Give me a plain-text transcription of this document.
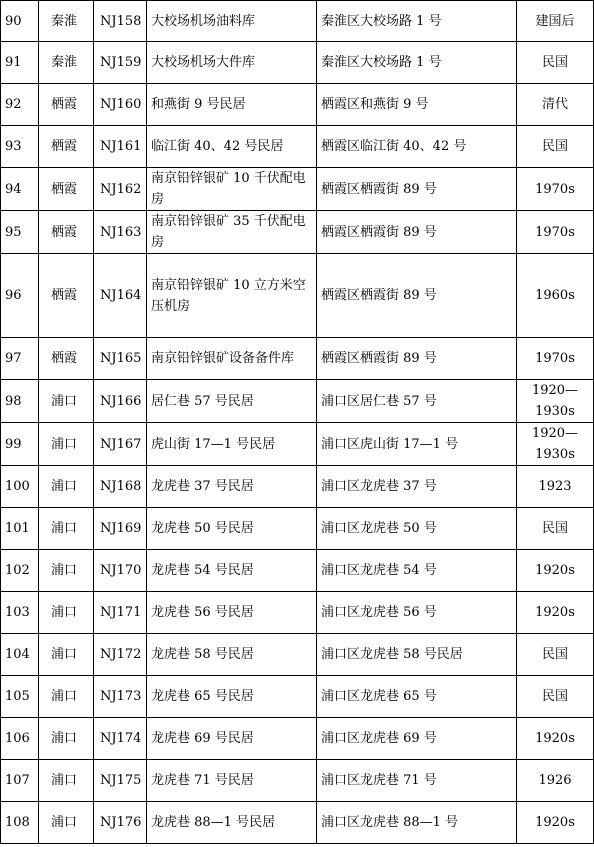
90	秦淮	NJ158	大校场机场油料库	秦淮区大校场路 1 号	建国后
91	秦淮	NJ159	大校场机场大件库	秦淮区大校场路 1 号	民国
92	栖霞	NJ160	和燕街 9 号民居	栖霞区和燕街 9 号	清代
93	栖霞	NJ161	临江街 40、42 号民居	栖霞区临江街 40、42 号	民国
94	栖霞	NJ162	南京铅锌银矿 10 千伏配电房	栖霞区栖霞街 89 号	1970s
95	栖霞	NJ163	南京铅锌银矿 35 千伏配电房	栖霞区栖霞街 89 号	1970s
96	栖霞	NJ164	南京铅锌银矿 10 立方米空压机房	栖霞区栖霞街 89 号	1960s
97	栖霞	NJ165	南京铅锌银矿设备备件库	栖霞区栖霞街 89 号	1970s
98	浦口	NJ166	居仁巷 57 号民居	浦口区居仁巷 57 号	1920—1930s
99	浦口	NJ167	虎山街 17—1 号民居	浦口区虎山街 17—1 号	1920—1930s
100	浦口	NJ168	龙虎巷 37 号民居	浦口区龙虎巷 37 号	1923
101	浦口	NJ169	龙虎巷 50 号民居	浦口区龙虎巷 50 号	民国
102	浦口	NJ170	龙虎巷 54 号民居	浦口区龙虎巷 54 号	1920s
103	浦口	NJ171	龙虎巷 56 号民居	浦口区龙虎巷 56 号	1920s
104	浦口	NJ172	龙虎巷 58 号民居	浦口区龙虎巷 58 号民居	民国
105	浦口	NJ173	龙虎巷 65 号民居	浦口区龙虎巷 65 号	民国
106	浦口	NJ174	龙虎巷 69 号民居	浦口区龙虎巷 69 号	1920s
107	浦口	NJ175	龙虎巷 71 号民居	浦口区龙虎巷 71 号	1926
108	浦口	NJ176	龙虎巷 88—1 号民居	浦口区龙虎巷 88—1 号	1920s
